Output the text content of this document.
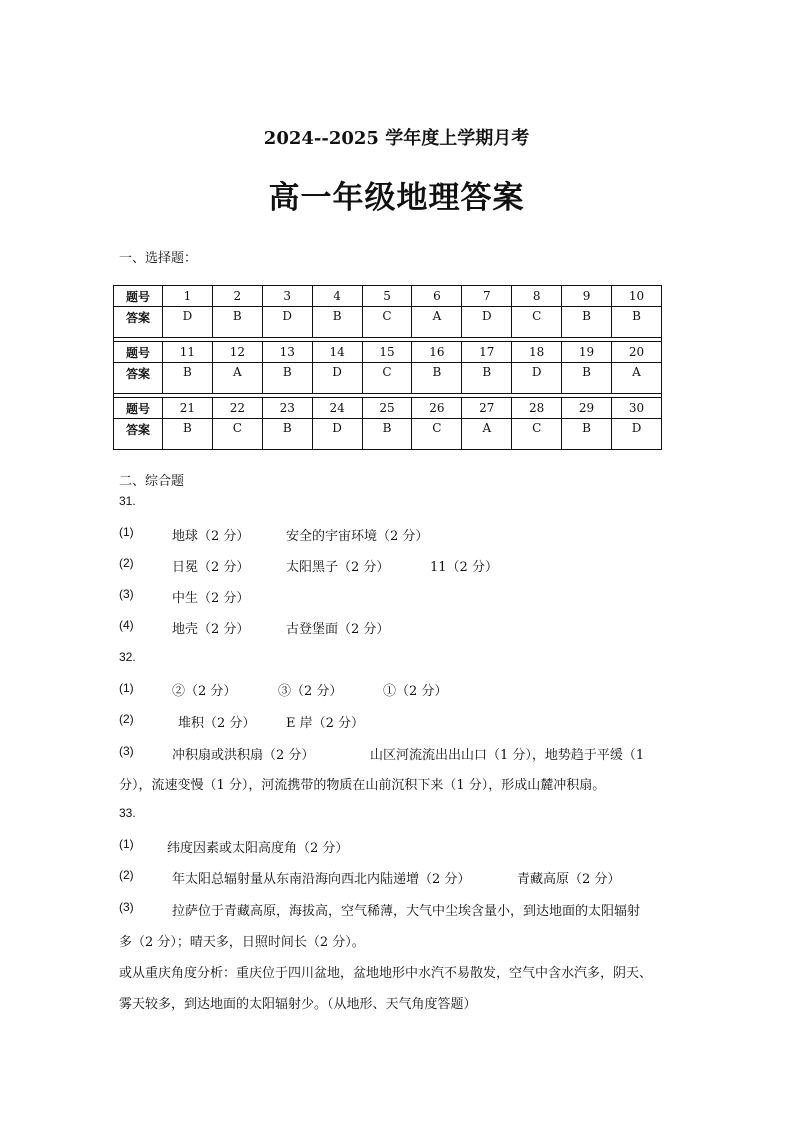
2024--2025 学年度上学期月考
高一年级地理答案
一、选择题：
题号	1	2	3	4	5	6	7	8	9	10
答案	D	B	D	B	C	A	D	C	B	B

题号	11	12	13	14	15	16	17	18	19	20
答案	B	A	B	D	C	B	B	D	B	A

题号	21	22	23	24	25	26	27	28	29	30
答案	B	C	B	D	B	C	A	C	B	D
二、综合题
31.
(1)	地球（2 分）	安全的宇宙环境（2 分）
(2)	日冕（2 分）	太阳黑子（2 分）	11（2 分）
(3)	中生（2 分）
(4)	地壳（2 分）	古登堡面（2 分）
32.
(1)	②（2 分）	③（2 分）	①（2 分）
(2)	堆积（2 分） E 岸（2 分）
(3)	冲积扇或洪积扇（2 分）	山区河流流出出山口（1 分），地势趋于平缓（1
分），流速变慢（1 分），河流携带的物质在山前沉积下来（1 分），形成山麓冲积扇。
33.
(1)	纬度因素或太阳高度角（2 分）
(2)	年太阳总辐射量从东南沿海向西北内陆递增（2 分）	青藏高原（2 分）
(3)	拉萨位于青藏高原，海拔高，空气稀薄，大气中尘埃含量小，到达地面的太阳辐射
多（2 分）；晴天多，日照时间长（2 分）。
或从重庆角度分析：重庆位于四川盆地，盆地地形中水汽不易散发，空气中含水汽多，阴天、
雾天较多，到达地面的太阳辐射少。（从地形、天气角度答题）
